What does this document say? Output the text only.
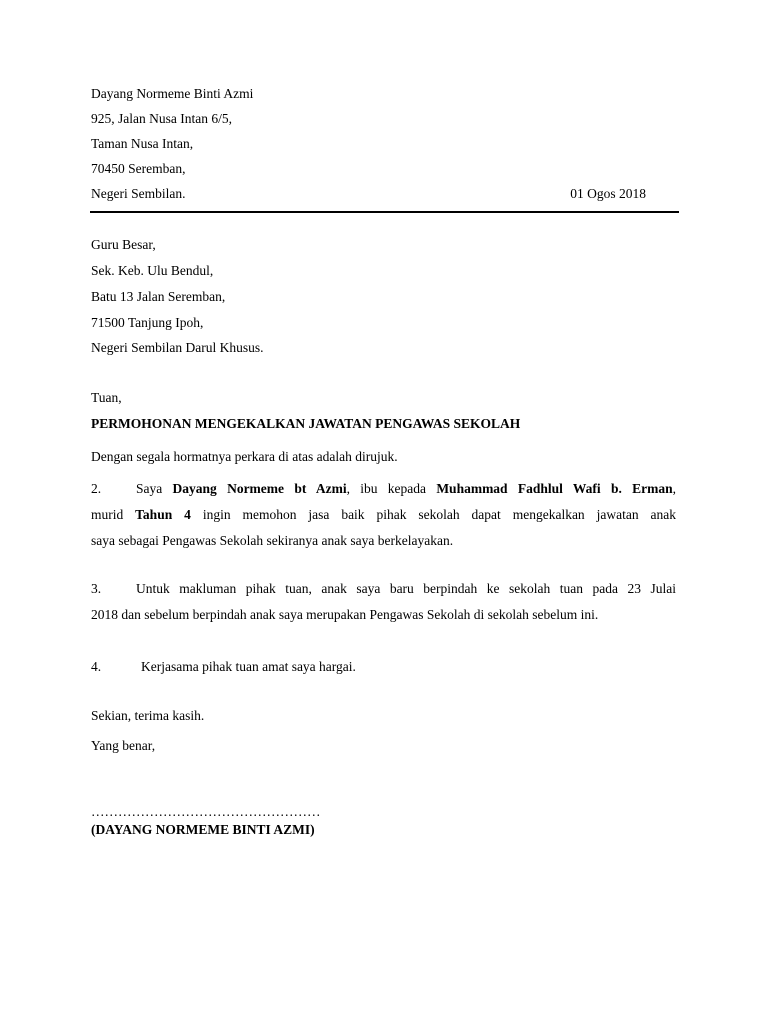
Dayang Normeme Binti Azmi
925, Jalan Nusa Intan 6/5,
Taman Nusa Intan,
70450 Seremban,
Negeri Sembilan.	01 Ogos 2018
Guru Besar,
Sek. Keb. Ulu Bendul,
Batu 13 Jalan Seremban,
71500 Tanjung Ipoh,
Negeri Sembilan Darul Khusus.
Tuan,
PERMOHONAN MENGEKALKAN JAWATAN PENGAWAS SEKOLAH
Dengan segala hormatnya perkara di atas adalah dirujuk.
2.	Saya Dayang Normeme bt Azmi, ibu kepada Muhammad Fadhlul Wafi b. Erman,
murid Tahun 4 ingin memohon jasa baik pihak sekolah dapat mengekalkan jawatan anak
saya sebagai Pengawas Sekolah sekiranya anak saya berkelayakan.
3.	Untuk makluman pihak tuan, anak saya baru berpindah ke sekolah tuan pada 23 Julai
2018 dan sebelum berpindah anak saya merupakan Pengawas Sekolah di sekolah sebelum ini.
4.	Kerjasama pihak tuan amat saya hargai.
Sekian, terima kasih.
Yang benar,
……………………………………………
(DAYANG NORMEME BINTI AZMI)
